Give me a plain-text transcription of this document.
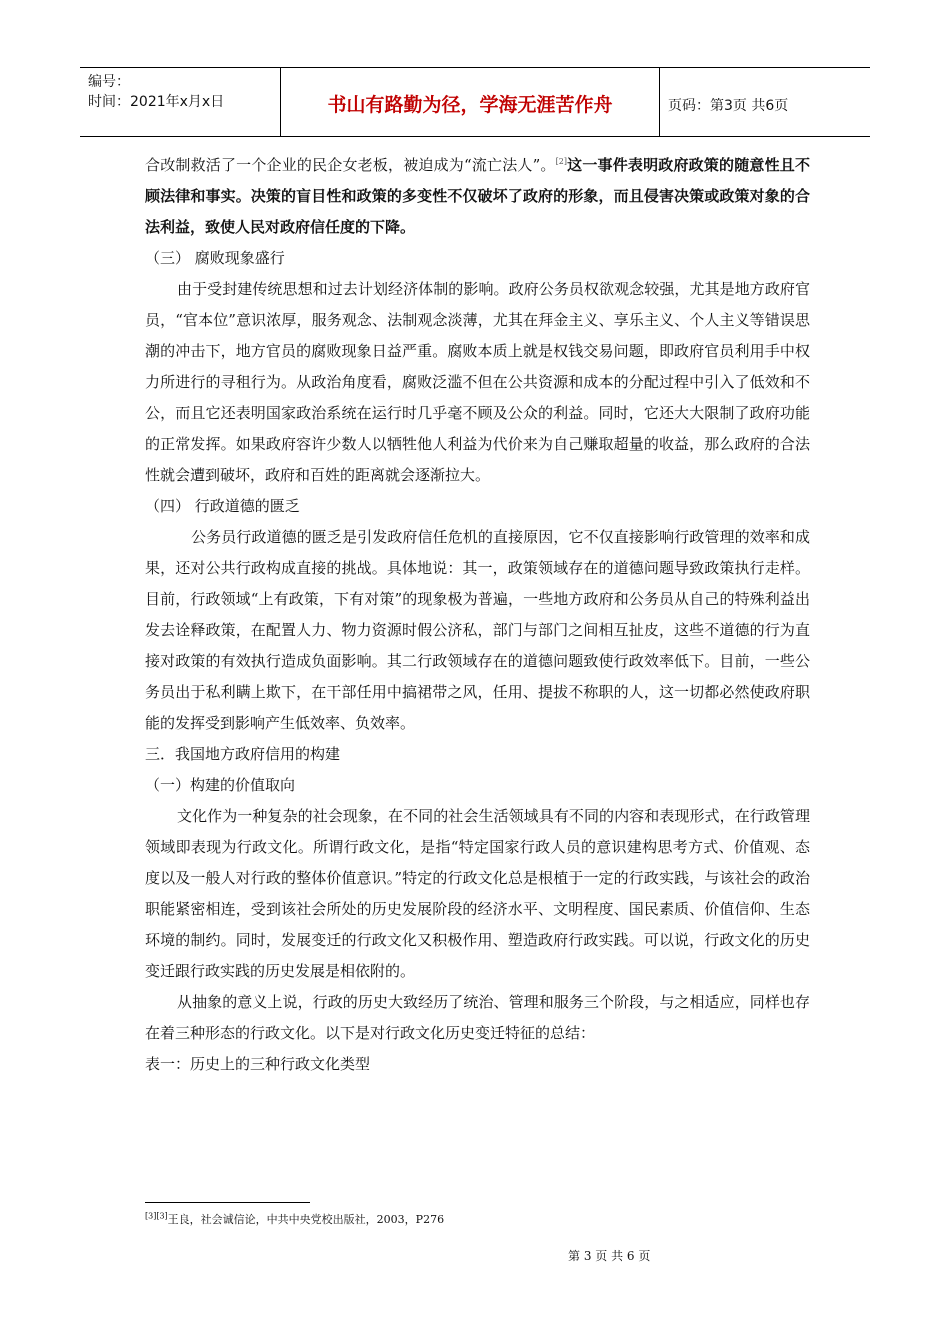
编号：
时间：2021年x月x日	书山有路勤为径，学海无涯苦作舟	页码：第3页 共6页

合改制救活了一个企业的民企女老板，被迫成为“流亡法人”。[2]这一事件表明政府政策的随意性且不顾法律和事实。决策的盲目性和政策的多变性不仅破坏了政府的形象，而且侵害决策或政策对象的合法利益，致使人民对政府信任度的下降。

（三） 腐败现象盛行

由于受封建传统思想和过去计划经济体制的影响。政府公务员权欲观念较强，尤其是地方政府官员，“官本位”意识浓厚，服务观念、法制观念淡薄，尤其在拜金主义、享乐主义、个人主义等错误思潮的冲击下，地方官员的腐败现象日益严重。腐败本质上就是权钱交易问题，即政府官员利用手中权力所进行的寻租行为。从政治角度看，腐败泛滥不但在公共资源和成本的分配过程中引入了低效和不公，而且它还表明国家政治系统在运行时几乎毫不顾及公众的利益。同时，它还大大限制了政府功能的正常发挥。如果政府容许少数人以牺牲他人利益为代价来为自己赚取超量的收益，那么政府的合法性就会遭到破坏，政府和百姓的距离就会逐渐拉大。

（四） 行政道德的匮乏

公务员行政道德的匮乏是引发政府信任危机的直接原因，它不仅直接影响行政管理的效率和成果，还对公共行政构成直接的挑战。具体地说：其一，政策领域存在的道德问题导致政策执行走样。目前，行政领域“上有政策，下有对策”的现象极为普遍，一些地方政府和公务员从自己的特殊利益出发去诠释政策，在配置人力、物力资源时假公济私，部门与部门之间相互扯皮，这些不道德的行为直接对政策的有效执行造成负面影响。其二行政领域存在的道德问题致使行政效率低下。目前，一些公务员出于私利瞒上欺下，在干部任用中搞裙带之风，任用、提拔不称职的人，这一切都必然使政府职能的发挥受到影响产生低效率、负效率。

三．我国地方政府信用的构建

（一）构建的价值取向

文化作为一种复杂的社会现象，在不同的社会生活领域具有不同的内容和表现形式，在行政管理领域即表现为行政文化。所谓行政文化，是指“特定国家行政人员的意识建构思考方式、价值观、态度以及一般人对行政的整体价值意识。”特定的行政文化总是根植于一定的行政实践，与该社会的政治职能紧密相连，受到该社会所处的历史发展阶段的经济水平、文明程度、国民素质、价值信仰、生态环境的制约。同时，发展变迁的行政文化又积极作用、塑造政府行政实践。可以说，行政文化的历史变迁跟行政实践的历史发展是相依附的。

从抽象的意义上说，行政的历史大致经历了统治、管理和服务三个阶段，与之相适应，同样也存在着三种形态的行政文化。以下是对行政文化历史变迁特征的总结：

表一：历史上的三种行政文化类型

[3][3]王良，社会诚信论，中共中央党校出版社，2003，P276
第 3 页 共 6 页
